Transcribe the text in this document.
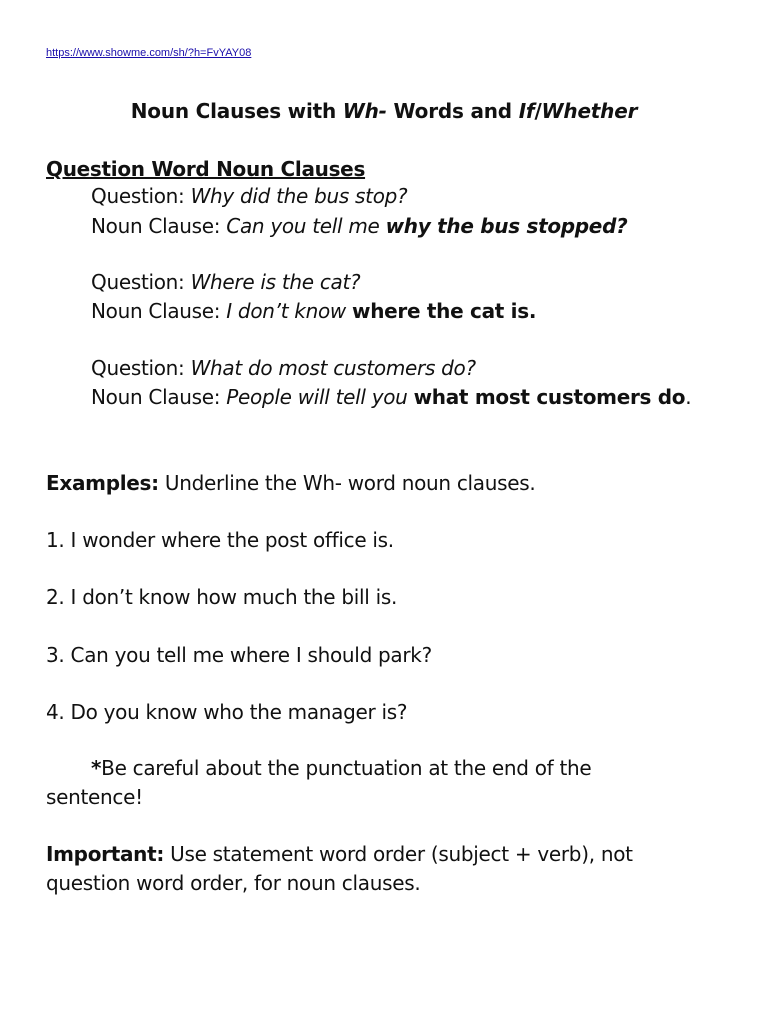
https://www.showme.com/sh/?h=FvYAY08
Noun Clauses with Wh- Words and If/Whether
Question Word Noun Clauses
Question: Why did the bus stop?
Noun Clause: Can you tell me why the bus stopped?
Question: Where is the cat?
Noun Clause: I don’t know where the cat is.
Question: What do most customers do?
Noun Clause: People will tell you what most customers do.
Examples: Underline the Wh- word noun clauses.
1. I wonder where the post office is.
2. I don’t know how much the bill is.
3. Can you tell me where I should park?
4. Do you know who the manager is?
*Be careful about the punctuation at the end of the
sentence!
Important: Use statement word order (subject + verb), not
question word order, for noun clauses.
